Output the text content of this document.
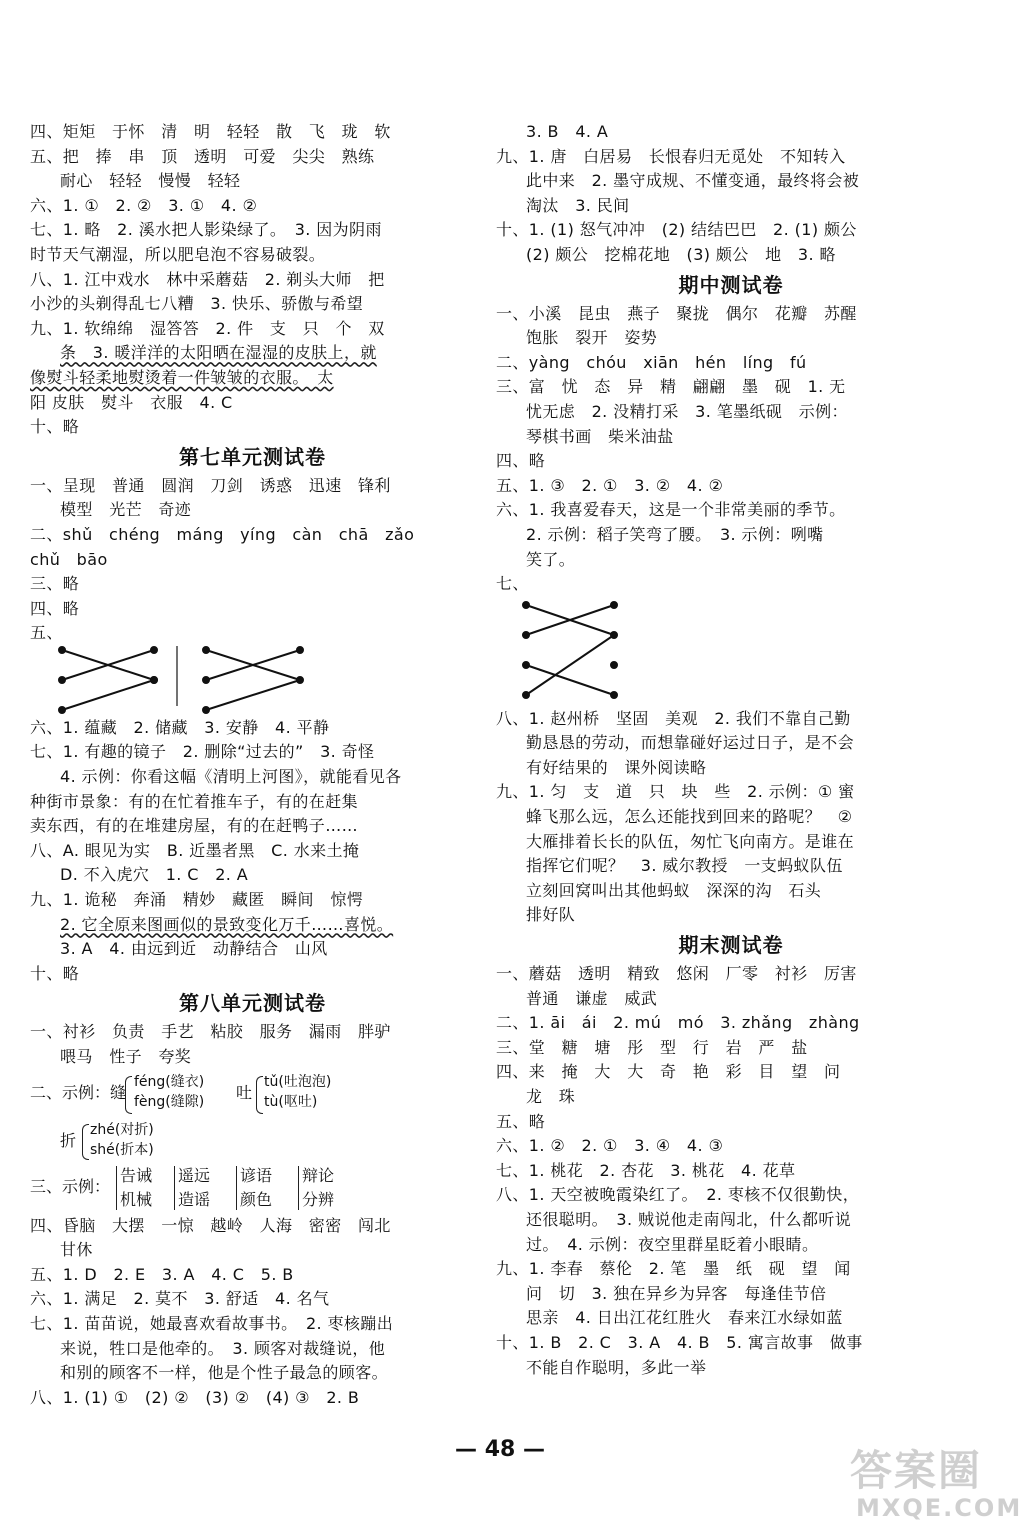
四、矩矩　于怀　清　明　轻轻　散　飞　珑　软
五、把　捧　串　顶　透明　可爱　尖尖　熟练
耐心　轻轻　慢慢　轻轻
六、1. ①　2. ②　3. ①　4. ②
七、1. 略　2. 溪水把人影染绿了。　3. 因为阴雨
时节天气潮湿，所以肥皂泡不容易破裂。
八、1. 江中戏水　林中采蘑菇　2. 剃头大师　把
小沙的头剃得乱七八糟　3. 快乐、骄傲与希望
九、1. 软绵绵　湿答答　2. 件　支　只　个　双
条　3. 暖洋洋的太阳晒在湿湿的皮肤上，就
像熨斗轻柔地熨烫着一件皱皱的衣服。　太
阳 皮肤　熨斗　衣服　4. C
十、略
第七单元测试卷
一、呈现　普通　圆润　刀剑　诱惑　迅速　锋利
模型　光芒　奇迹
二、shǔ　chéng　máng　yíng　càn　chā　zǎo
chǔ　bāo
三、略
四、略
五、
六、1. 蕴藏　2. 储藏　3. 安静　4. 平静
七、1. 有趣的镜子　2. 删除“过去的”　3. 奇怪
4. 示例：你看这幅《清明上河图》，就能看见各
种街市景象：有的在忙着推车子，有的在赶集
卖东西，有的在堆建房屋，有的在赶鸭子……
八、A. 眼见为实　B. 近墨者黑　C. 水来土掩
D. 不入虎穴　1. C　2. A
九、1. 诡秘　奔涌　精妙　藏匿　瞬间　惊愕
2. 它全原来图画似的景致变化万千……喜悦。
3. A　4. 由远到近　动静结合　山风
十、略
第八单元测试卷
一、衬衫　负责　手艺　粘胶　服务　漏雨　胖驴
喂马　性子　夸奖
二、示例：缝
féng(缝衣)
fèng(缝隙) 吐
tǔ(吐泡泡)
tù(呕吐)
折
zhé(对折)
shé(折本)
三、示例：
告诫
机械
遥远
造谣
谚语
颜色
辩论
分辨
四、昏脑　大摆　一惊　越岭　人海　密密　闯北
甘休
五、1. D　2. E　3. A　4. C　5. B
六、1. 满足　2. 莫不　3. 舒适　4. 名气
七、1. 苗苗说，她最喜欢看故事书。　2. 枣核蹦出
来说，牲口是他牵的。　3. 顾客对裁缝说，他
和别的顾客不一样，他是个性子最急的顾客。
八、1. (1) ①　(2) ②　(3) ②　(4) ③　2. B
3. B　4. A
九、1. 唐　白居易　长恨春归无觅处　不知转入
此中来　2. 墨守成规、不懂变通，最终将会被
淘汰　3. 民间
十、1. (1) 怒气冲冲　(2) 结结巴巴　2. (1) 颇公
(2) 颇公　挖棉花地　(3) 颇公　地　3. 略
期中测试卷
一、小溪　昆虫　燕子　聚拢　偶尔　花瓣　苏醒
饱胀　裂开　姿势
二、yàng　chóu　xiān　hén　líng　fú
三、富　忧　态　异　精　翩翩　墨　砚　1. 无
忧无虑　2. 没精打采　3. 笔墨纸砚　示例：
琴棋书画　柴米油盐
四、略
五、1. ③　2. ①　3. ②　4. ②
六、1. 我喜爱春天，这是一个非常美丽的季节。
2. 示例：稻子笑弯了腰。　3. 示例：咧嘴
笑了。
七、
八、1. 赵州桥　坚固　美观　2. 我们不靠自己勤
勤恳恳的劳动，而想靠碰好运过日子，是不会
有好结果的　课外阅读略
九、1. 匀　支　道　只　块　些　2. 示例：① 蜜
蜂飞那么远，怎么还能找到回来的路呢？　②
大雁排着长长的队伍，匆忙飞向南方。是谁在
指挥它们呢？　3. 威尔教授　一支蚂蚁队伍
立刻回窝叫出其他蚂蚁　深深的沟　石头
排好队
期末测试卷
一、蘑菇　透明　精致　悠闲　厂零　衬衫　厉害
普通　谦虚　威武
二、1. āi　ái　2. mú　mó　3. zhǎng　zhàng
三、堂　糖　塘　彤　型　行　岩　严　盐
四、来　掩　大　大　奇　艳　彩　目　望　问
龙　珠
五、略
六、1. ②　2. ①　3. ④　4. ③
七、1. 桃花　2. 杏花　3. 桃花　4. 花草
八、1. 天空被晚霞染红了。　2. 枣核不仅很勤快，
还很聪明。　3. 贼说他走南闯北，什么都听说
过。　4. 示例：夜空里群星眨着小眼睛。
九、1. 李春　蔡伦　2. 笔　墨　纸　砚　望　闻
问　切　3. 独在异乡为异客　每逢佳节倍
思亲　4. 日出江花红胜火　春来江水绿如蓝
十、1. B　2. C　3. A　4. B　5. 寓言故事　做事
不能自作聪明，多此一举
— 48 —	答案圈
MXQE.COM
